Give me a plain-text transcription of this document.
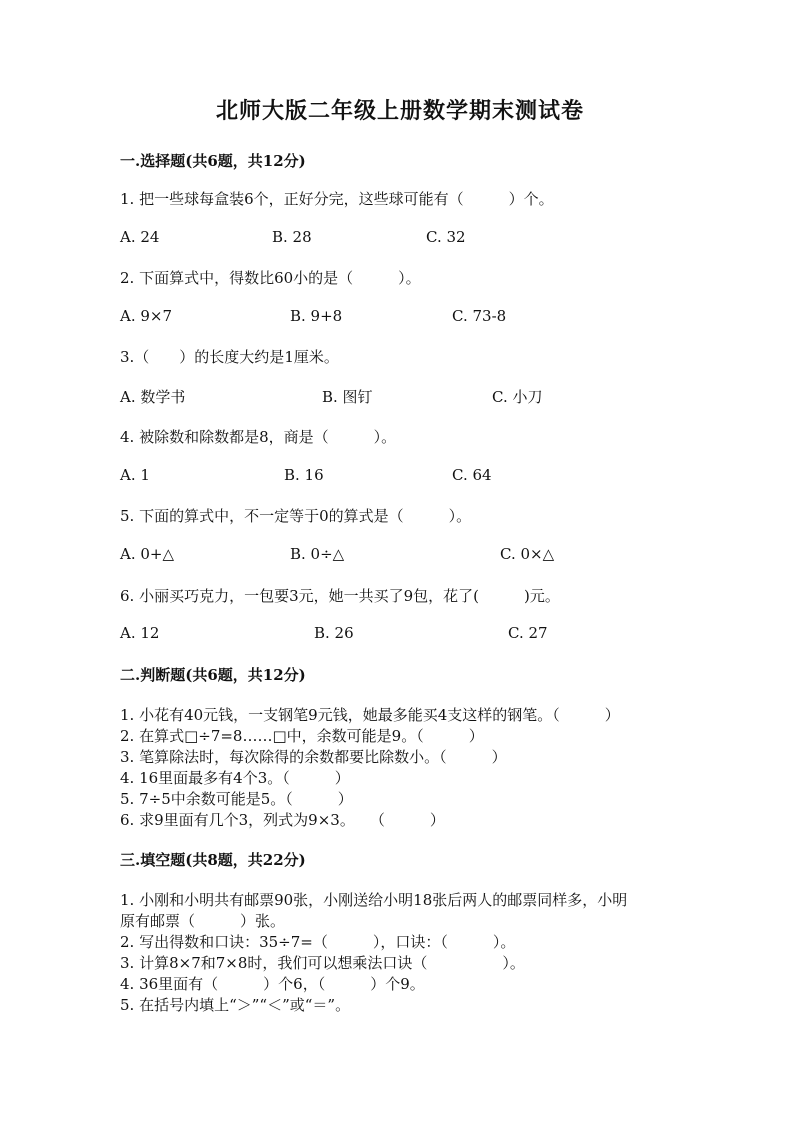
北师大版二年级上册数学期末测试卷
一.选择题(共6题，共12分)
1. 把一些球每盒装6个，正好分完，这些球可能有（　　　）个。
A. 24	B. 28	C. 32
2. 下面算式中，得数比60小的是（　　　）。
A. 9×7	B. 9+8	C. 73-8
3.（　　）的长度大约是1厘米。
A. 数学书	B. 图钉	C. 小刀
4. 被除数和除数都是8，商是（　　　）。
A. 1	B. 16	C. 64
5. 下面的算式中，不一定等于0的算式是（　　　）。
A. 0+△	B. 0÷△	C. 0×△
6. 小丽买巧克力，一包要3元，她一共买了9包，花了(　　　)元。
A. 12	B. 26	C. 27
二.判断题(共6题，共12分)
1. 小花有40元钱，一支钢笔9元钱，她最多能买4支这样的钢笔。（　　　）
2. 在算式□÷7=8……□中，余数可能是9。（　　　）
3. 笔算除法时，每次除得的余数都要比除数小。（　　　）
4. 16里面最多有4个3。（　　　）
5. 7÷5中余数可能是5。（　　　）
6. 求9里面有几个3，列式为9×3。　　（　　　）
三.填空题(共8题，共22分)
1. 小刚和小明共有邮票90张，小刚送给小明18张后两人的邮票同样多，小明
原有邮票（　　　）张。
2. 写出得数和口诀：35÷7=（　　　），口诀：（　　　）。
3. 计算8×7和7×8时，我们可以想乘法口诀（　　　　　）。
4. 36里面有（　　　）个6，（　　　）个9。
5. 在括号内填上“＞”“＜”或“＝”。
